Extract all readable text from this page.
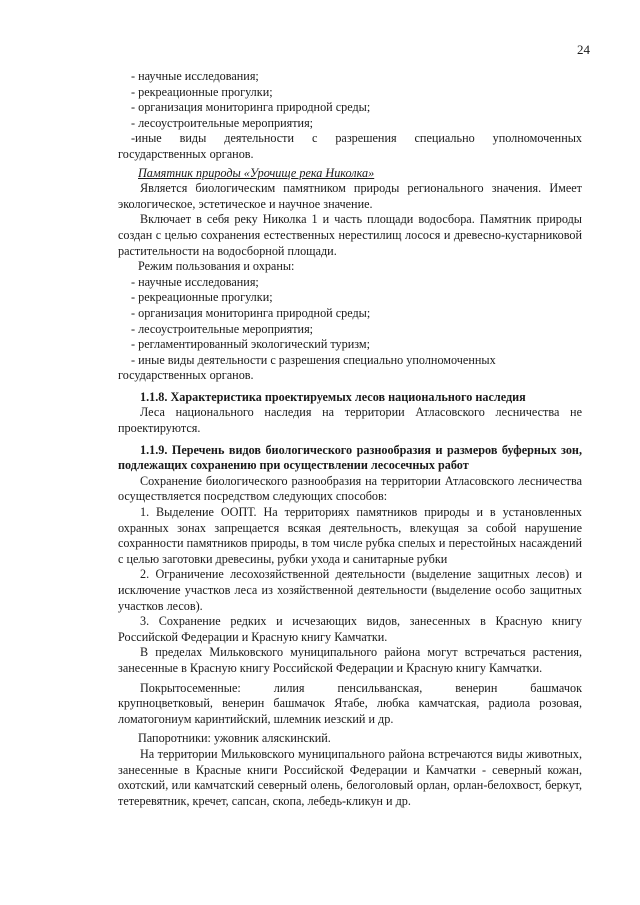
24
- научные исследования;
- рекреационные прогулки;
- организация мониторинга природной среды;
- лесоустроительные мероприятия;
-иные виды деятельности с разрешения специально уполномоченных государственных органов.
Памятник природы «Урочище река Николка»
Является биологическим памятником природы регионального значения. Имеет экологическое, эстетическое и научное значение.
Включает в себя реку Николка 1 и часть площади водосбора. Памятник природы создан с целью сохранения естественных нерестилищ лосося и древесно-кустарниковой растительности на водосборной площади.
Режим пользования и охраны:
- научные исследования;
- рекреационные прогулки;
- организация мониторинга природной среды;
- лесоустроительные мероприятия;
- регламентированный экологический туризм;
- иные виды деятельности с разрешения специально уполномоченных
государственных органов.
1.1.8. Характеристика проектируемых лесов национального наследия
Леса национального наследия на территории Атласовского лесничества не проектируются.
1.1.9. Перечень видов биологического разнообразия и размеров буферных зон, подлежащих сохранению при осуществлении лесосечных работ
Сохранение биологического разнообразия на территории Атласовского лесничества осуществляется посредством следующих способов:
1. Выделение ООПТ. На территориях памятников природы и в установленных охранных зонах запрещается всякая деятельность, влекущая за собой нарушение сохранности памятников природы, в том числе рубка спелых и перестойных насаждений с целью заготовки древесины, рубки ухода и санитарные рубки
2. Ограничение лесохозяйственной деятельности (выделение защитных лесов) и исключение участков леса из хозяйственной деятельности (выделение особо защитных участков лесов).
3. Сохранение редких и исчезающих видов, занесенных в Красную книгу Российской Федерации и Красную книгу Камчатки.
В пределах Мильковского муниципального района могут встречаться растения, занесенные в Красную книгу Российской Федерации и Красную книгу Камчатки.
Покрытосеменные:	лилия	пенсильванская,	венерин	башмачок
крупноцветковый, венерин башмачок Ятабе, любка камчатская, радиола розовая, ломатогониум каринтийский, шлемник иезский и др.
Папоротники: ужовник аляскинский.
На территории Мильковского муниципального района встречаются виды животных, занесенные в Красные книги Российской Федерации и Камчатки - северный кожан, охотский, или камчатский северный олень, белоголовый орлан, орлан-белохвост, беркут, тетеревятник, кречет, сапсан, скопа, лебедь-кликун и др.
